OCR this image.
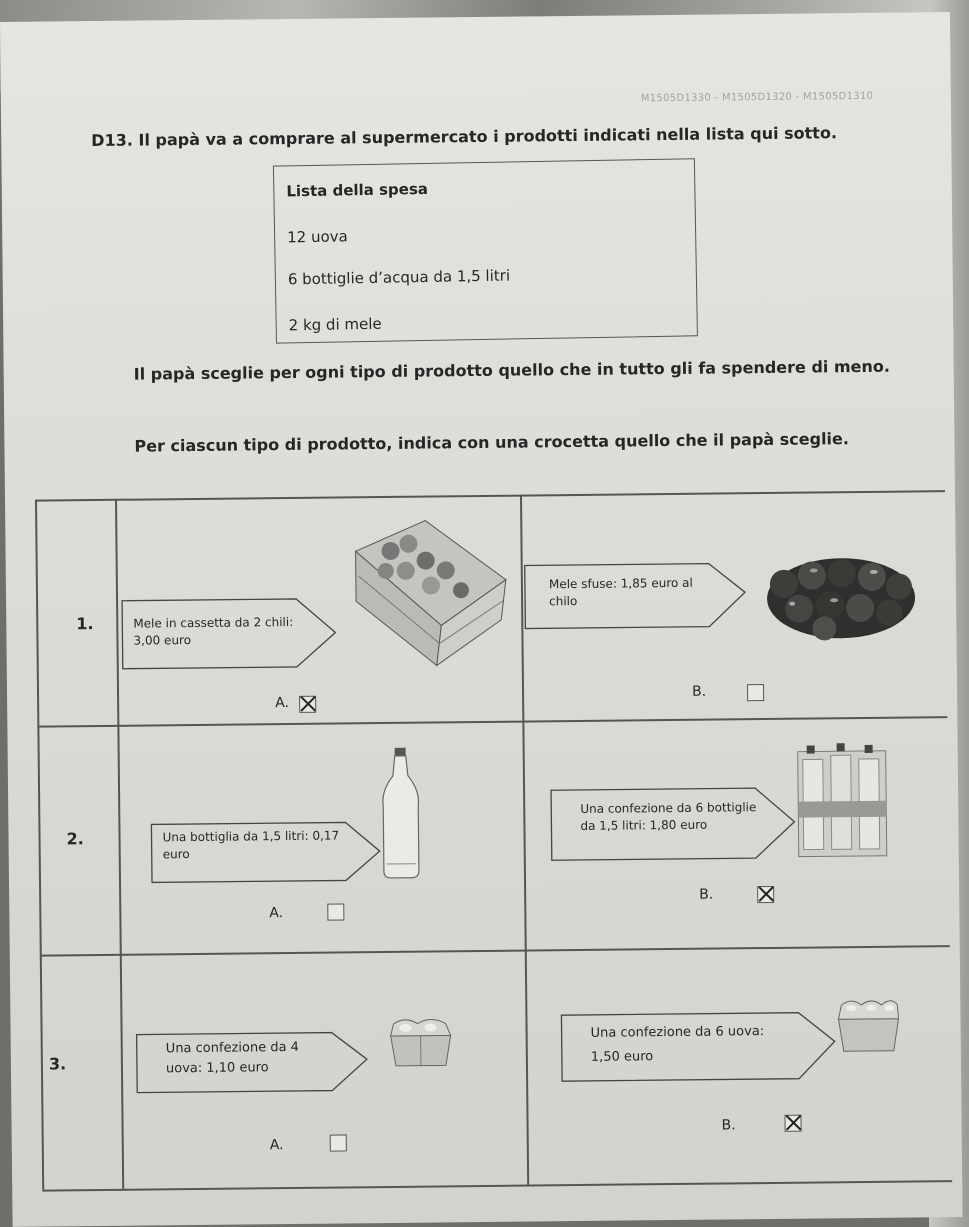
M1505D1330 - M1505D1320 - M1505D1310
D13. Il papà va a comprare al supermercato i prodotti indicati nella lista qui sotto.
Lista della spesa
12 uova
6 bottiglie d’acqua da 1,5 litri
2 kg di mele
Il papà sceglie per ogni tipo di prodotto quello che in tutto gli fa spendere di meno.
Per ciascun tipo di prodotto, indica con una crocetta quello che il papà sceglie.
1.	Mele in cassetta da 2 chili: 3,00 euro
Mele sfuse: 1,85 euro al chilo
A.
B.
2.	Una bottiglia da 1,5 litri: 0,17 euro
Una confezione da 6 bottiglie da 1,5 litri: 1,80 euro
A.
B.
3.
Una confezione da 4 uova: 1,10 euro
Una confezione da 6 uova: 1,50 euro
A.
B.
